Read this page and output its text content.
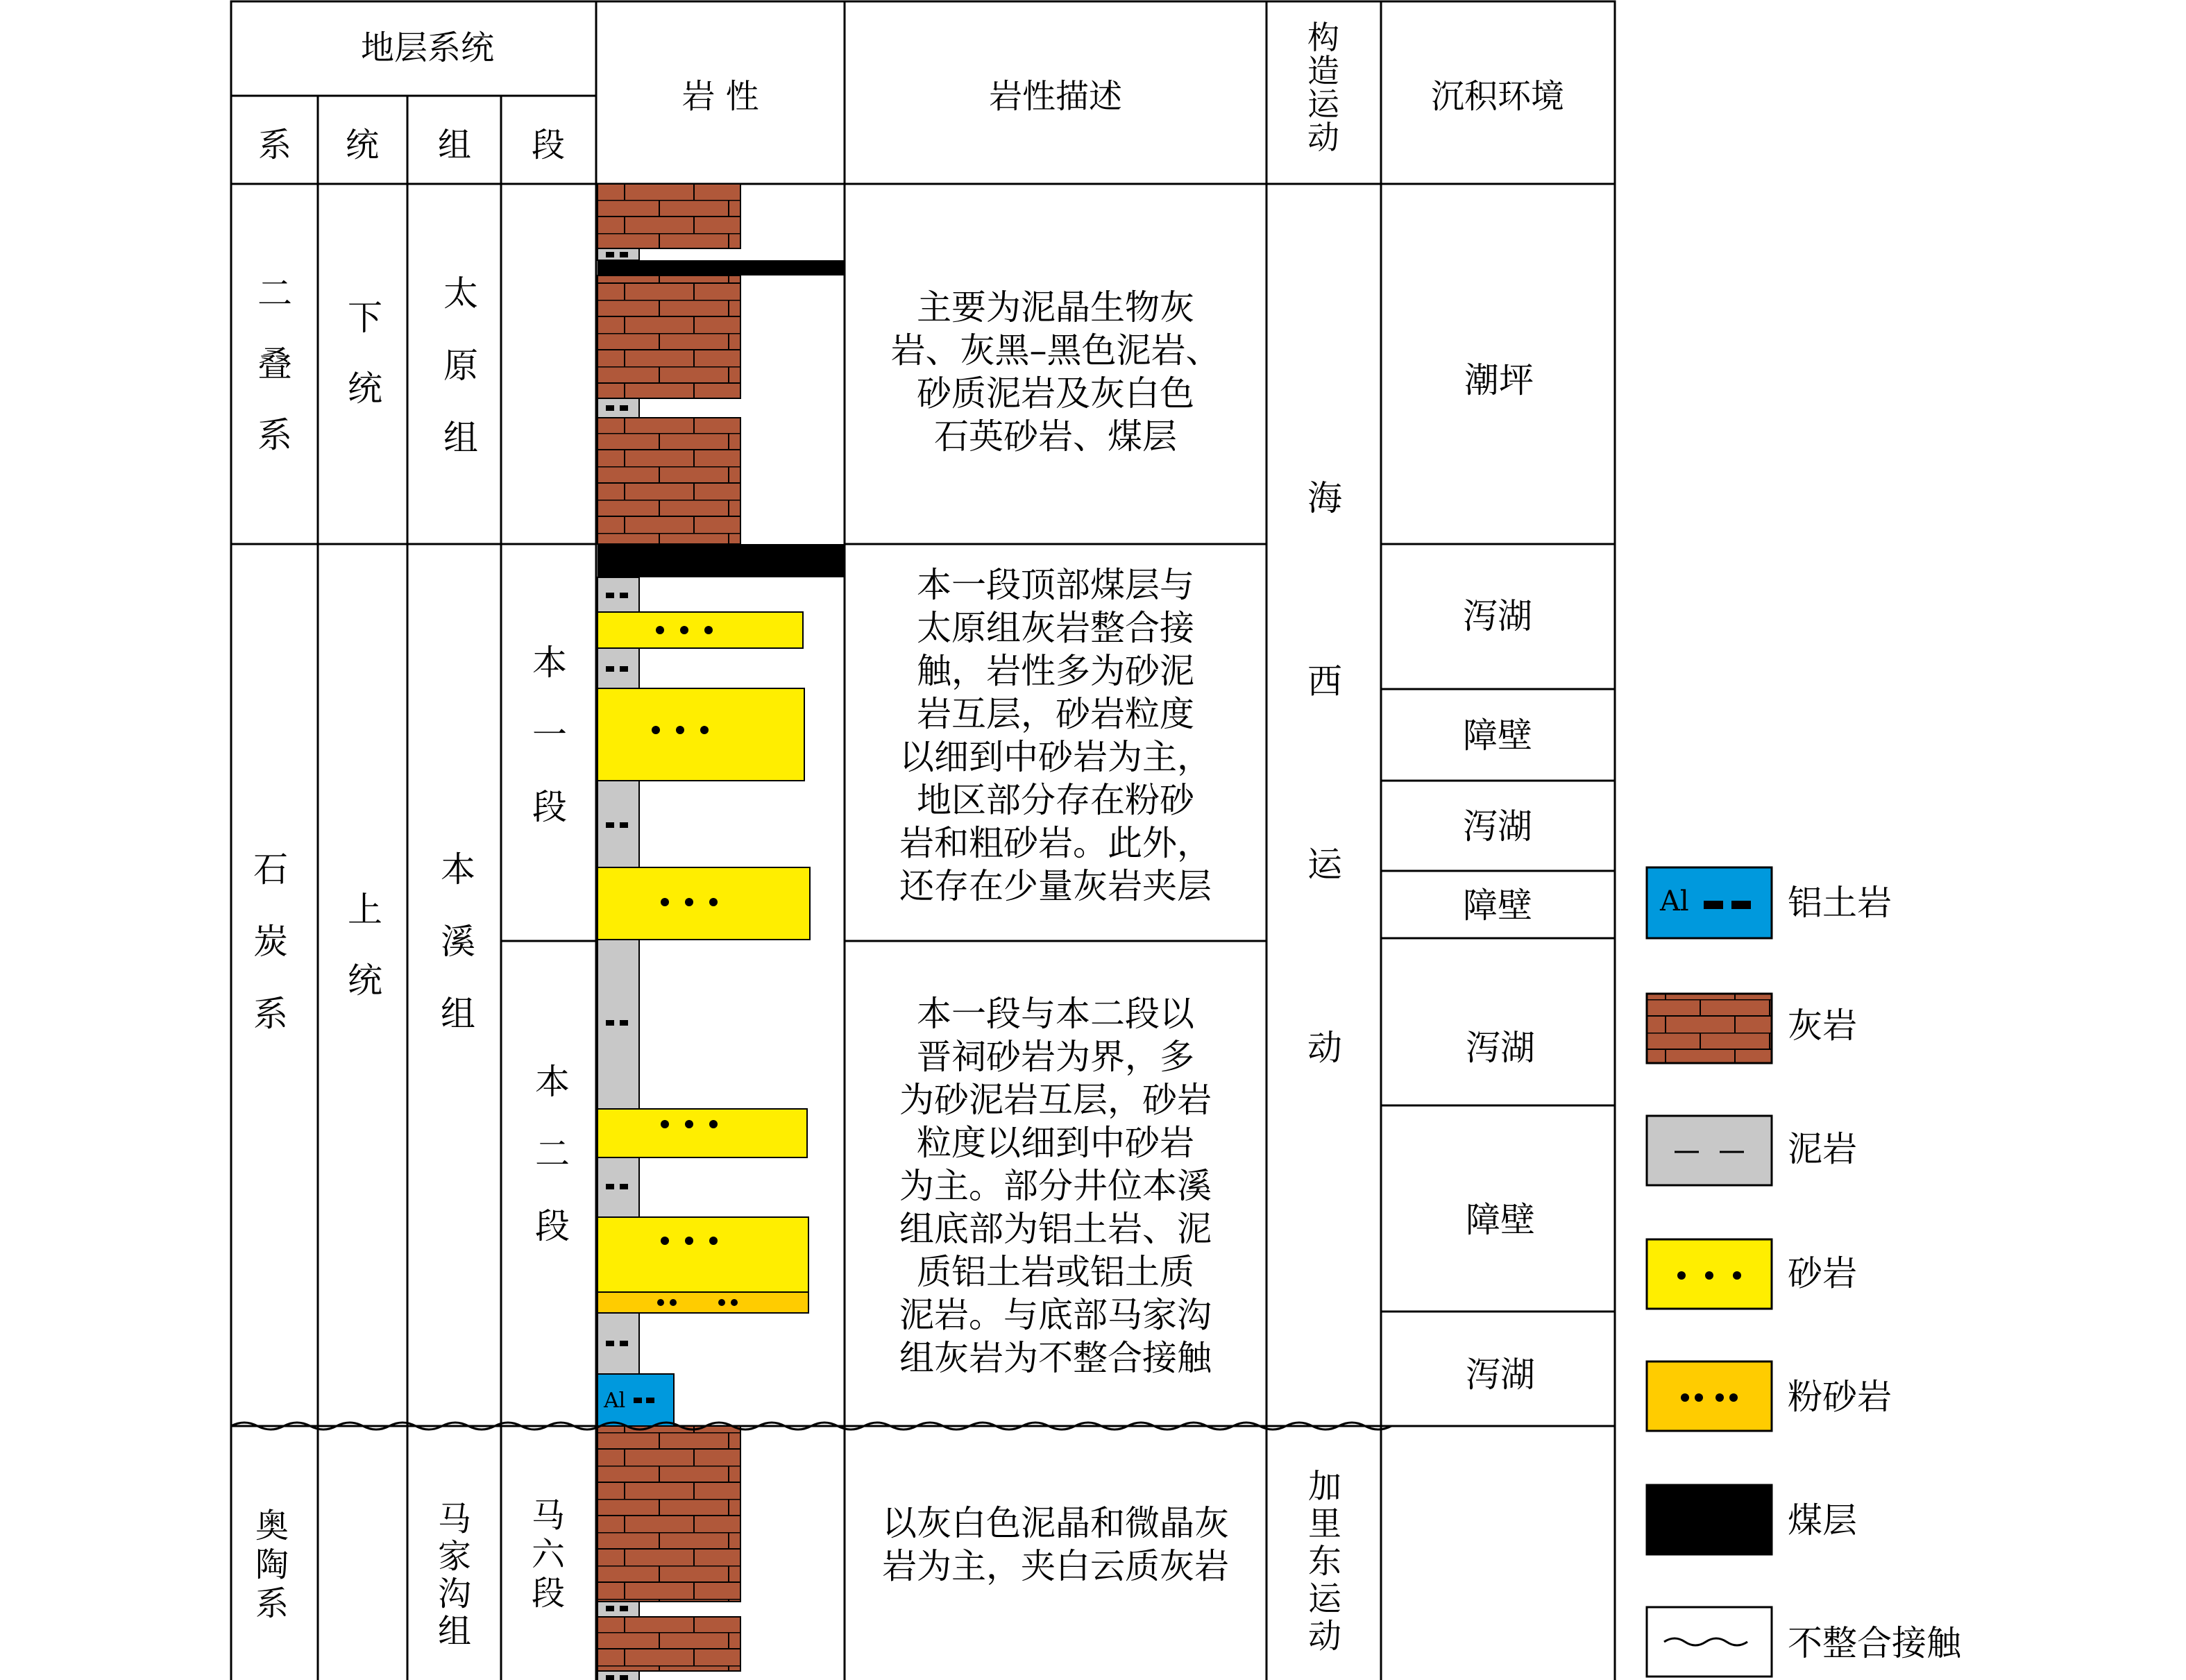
地层系统
系 统 组 段
岩 性	岩性描述
构造运动
沉积环境
二叠系
石炭系
奥陶系
下统
上统
太原组
本溪组
马家沟组
本一段
本二段
马六段
Al
主要为泥晶生物灰岩、灰黑–黑色泥岩、砂质泥岩及灰白色石英砂岩、煤层
本一段顶部煤层与太原组灰岩整合接触，岩性多为砂泥岩互层，砂岩粒度以细到中砂岩为主，地区部分存在粉砂岩和粗砂岩。此外，还存在少量灰岩夹层
本一段与本二段以晋祠砂岩为界，多为砂泥岩互层，砂岩粒度以细到中砂岩为主。部分井位本溪组底部为铝土岩、泥质铝土岩或铝土质泥岩。与底部马家沟组灰岩为不整合接触
以灰白色泥晶和微晶灰岩为主，夹白云质灰岩
海西运动
加里东运动
潮坪
泻湖
障壁
泻湖
障壁
泻湖
障壁
泻湖
Al	铝土岩
灰岩
泥岩
砂岩
粉砂岩
煤层
不整合接触
